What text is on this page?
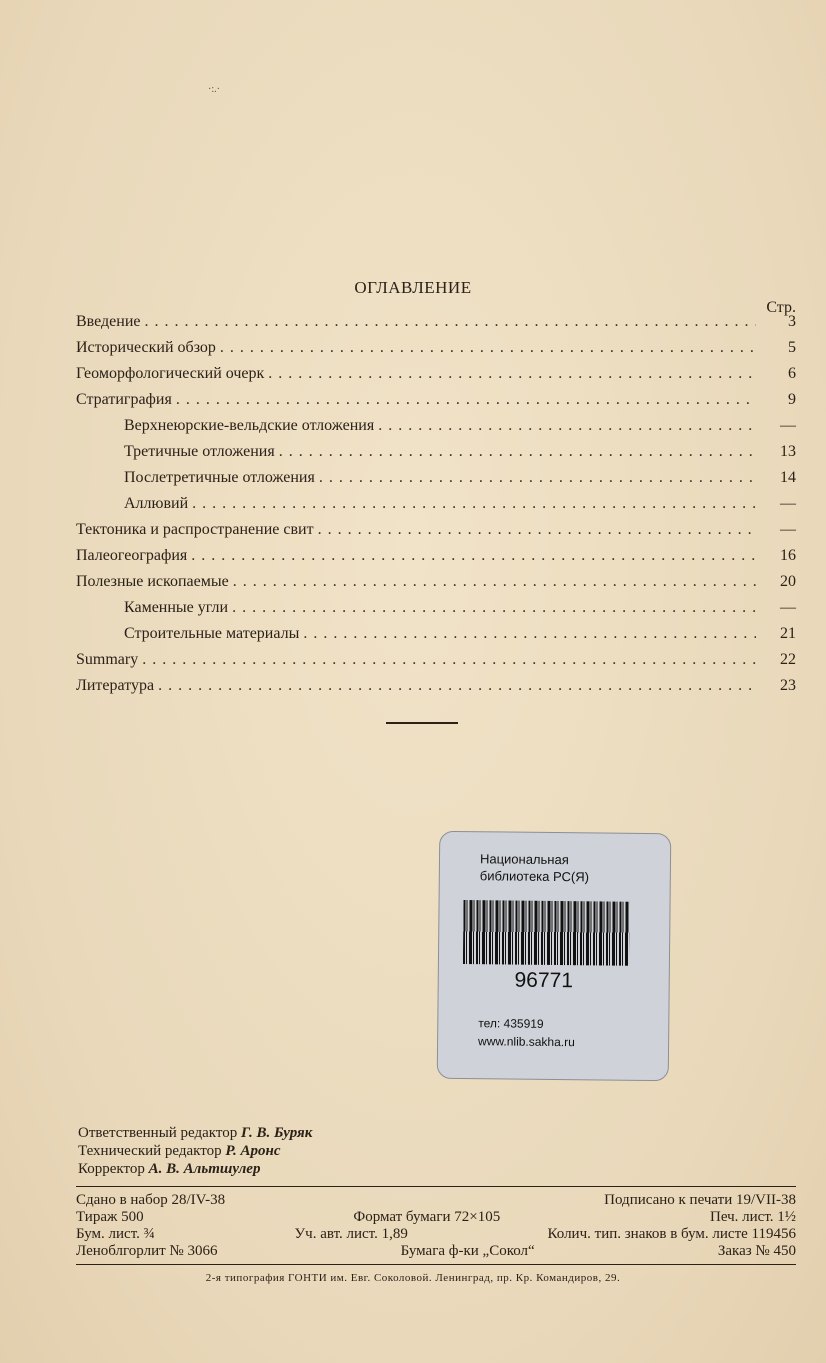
·:.·
ОГЛАВЛЕНИЕ
Стр.
Введение . . .	3
Исторический обзор . . .	5
Геоморфологический очерк . . .	6
Стратиграфия . . .	9
Верхнеюрские-вельдские отложения . . .	—
Третичные отложения . . .	13
Послетретичные отложения . . .	14
Аллювий . . .	—
Тектоника и распространение свит . . .	—
Палеогеография . . .	16
Полезные ископаемые . . .	20
Каменные угли . . .	—
Строительные материалы . . .	21
Summary . . .	22
Литература . . .	23
Национальная
библиотека РС(Я)
96771
тел: 435919
www.nlib.sakha.ru
Ответственный редактор Г. В. Буряк
Технический редактор Р. Аронс
Корректор А. В. Альтшулер
Сдано в набор 28/IV-38	Подписано к печати 19/VII-38
Тираж 500	Формат бумаги 72×105	Печ. лист. 1½
Бум. лист. ¾	Уч. авт. лист. 1,89	Колич. тип. знаков в бум. листе 119456
Леноблгорлит № 3066	Бумага ф-ки „Сокол“	Заказ № 450
2-я типография ГОНТИ им. Евг. Соколовой. Ленинград, пр. Кр. Командиров, 29.
